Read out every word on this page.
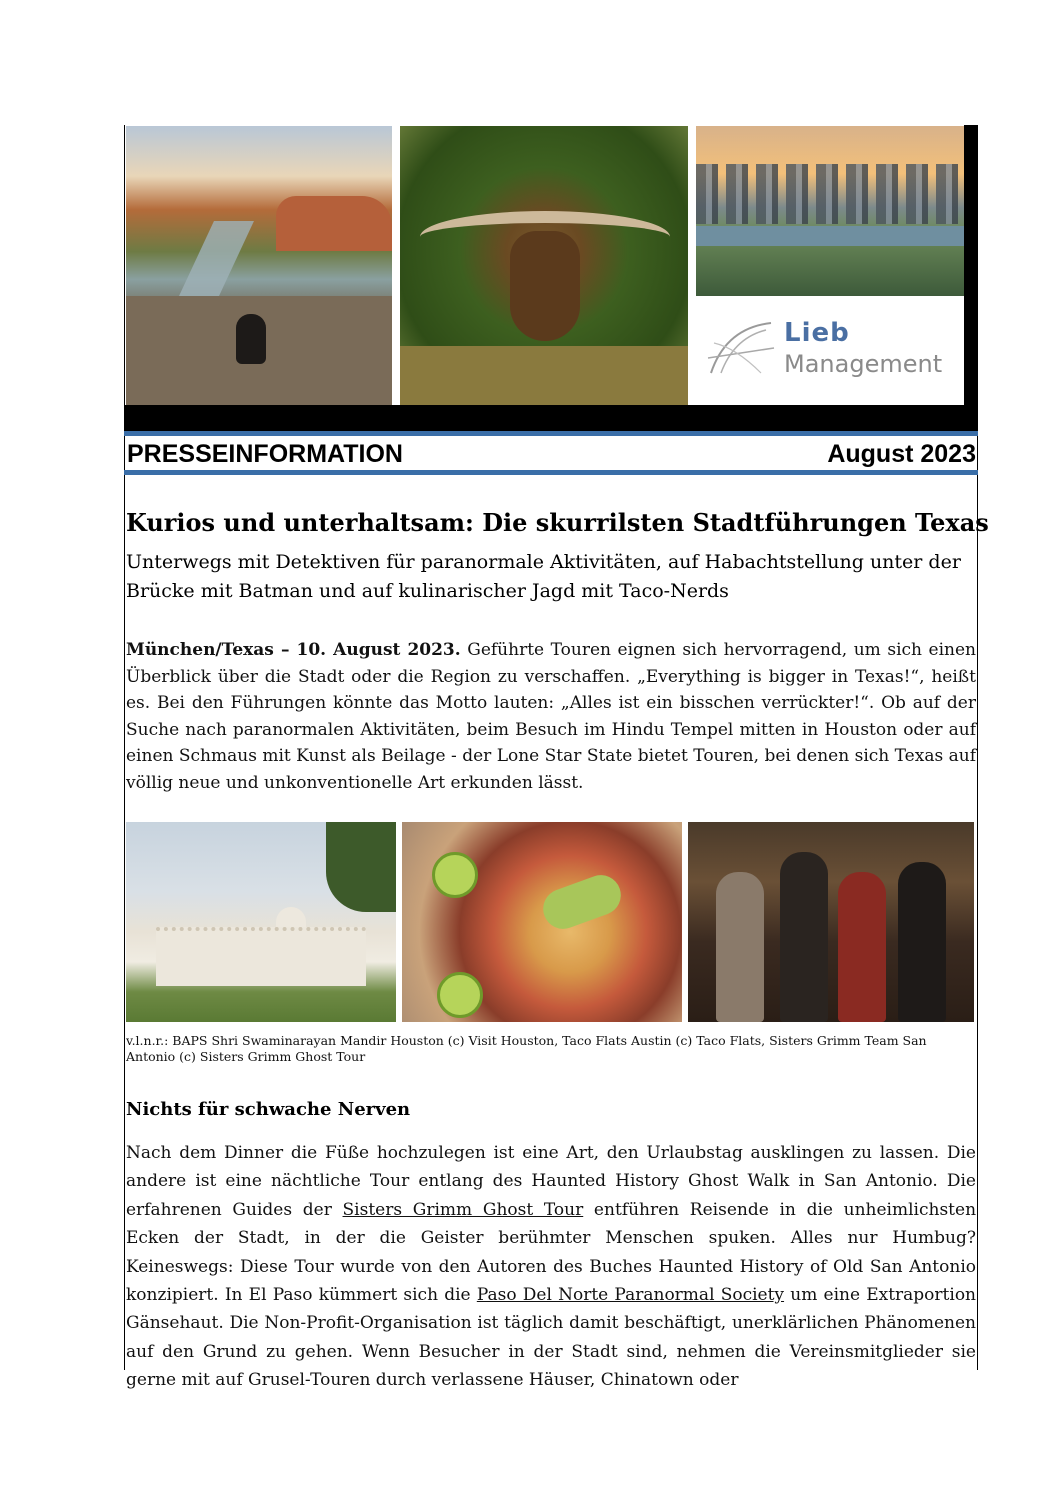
Lieb
Management
PRESSEINFORMATION	August 2023
Kurios und unterhaltsam: Die skurrilsten Stadtführungen Texas
Unterwegs mit Detektiven für paranormale Aktivitäten, auf Habachtstellung unter der Brücke mit Batman und auf kulinarischer Jagd mit Taco-Nerds
München/Texas – 10. August 2023. Geführte Touren eignen sich hervorragend, um sich einen Überblick über die Stadt oder die Region zu verschaffen. „Everything is bigger in Texas!“, heißt es. Bei den Führungen könnte das Motto lauten: „Alles ist ein bisschen verrückter!“. Ob auf der Suche nach paranormalen Aktivitäten, beim Besuch im Hindu Tempel mitten in Houston oder auf einen Schmaus mit Kunst als Beilage - der Lone Star State bietet Touren, bei denen sich Texas auf völlig neue und unkonventionelle Art erkunden lässt.
v.l.n.r.: BAPS Shri Swaminarayan Mandir Houston (c) Visit Houston, Taco Flats Austin (c) Taco Flats, Sisters Grimm Team San Antonio (c) Sisters Grimm Ghost Tour
Nichts für schwache Nerven
Nach dem Dinner die Füße hochzulegen ist eine Art, den Urlaubstag ausklingen zu lassen. Die andere ist eine nächtliche Tour entlang des Haunted History Ghost Walk in San Antonio. Die erfahrenen Guides der Sisters Grimm Ghost Tour entführen Reisende in die unheimlichsten Ecken der Stadt, in der die Geister berühmter Menschen spuken. Alles nur Humbug? Keineswegs: Diese Tour wurde von den Autoren des Buches Haunted History of Old San Antonio konzipiert. In El Paso kümmert sich die Paso Del Norte Paranormal Society um eine Extraportion Gänsehaut. Die Non-Profit-Organisation ist täglich damit beschäftigt, unerklärlichen Phänomenen auf den Grund zu gehen. Wenn Besucher in der Stadt sind, nehmen die Vereinsmitglieder sie gerne mit auf Grusel-Touren durch verlassene Häuser, Chinatown oder
